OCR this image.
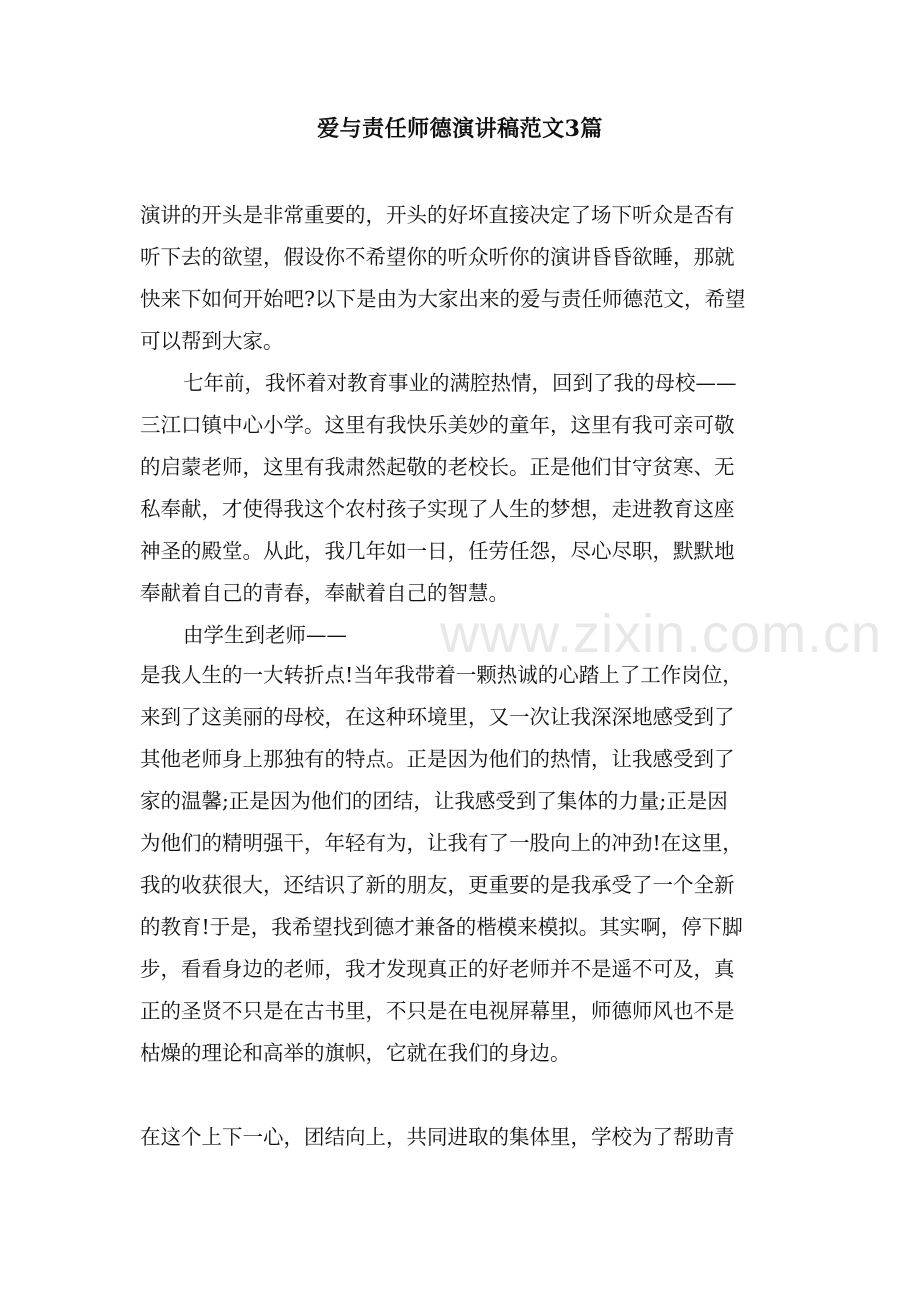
爱与责任师德演讲稿范文3篇
www.zixin.com.cn
演讲的开头是非常重要的，开头的好坏直接决定了场下听众是否有
听下去的欲望，假设你不希望你的听众听你的演讲昏昏欲睡，那就
快来下如何开始吧?以下是由为大家出来的爱与责任师德范文，希望
可以帮到大家。
七年前，我怀着对教育事业的满腔热情，回到了我的母校——
三江口镇中心小学。这里有我快乐美妙的童年，这里有我可亲可敬
的启蒙老师，这里有我肃然起敬的老校长。正是他们甘守贫寒、无
私奉献，才使得我这个农村孩子实现了人生的梦想，走进教育这座
神圣的殿堂。从此，我几年如一日，任劳任怨，尽心尽职，默默地
奉献着自己的青春，奉献着自己的智慧。
由学生到老师——
是我人生的一大转折点!当年我带着一颗热诚的心踏上了工作岗位，
来到了这美丽的母校，在这种环境里，又一次让我深深地感受到了
其他老师身上那独有的特点。正是因为他们的热情，让我感受到了
家的温馨;正是因为他们的团结，让我感受到了集体的力量;正是因
为他们的精明强干，年轻有为，让我有了一股向上的冲劲!在这里，
我的收获很大，还结识了新的朋友，更重要的是我承受了一个全新
的教育!于是，我希望找到德才兼备的楷模来模拟。其实啊，停下脚
步，看看身边的老师，我才发现真正的好老师并不是遥不可及，真
正的圣贤不只是在古书里，不只是在电视屏幕里，师德师风也不是
枯燥的理论和高举的旗帜，它就在我们的身边。
在这个上下一心，团结向上，共同进取的集体里，学校为了帮助青
